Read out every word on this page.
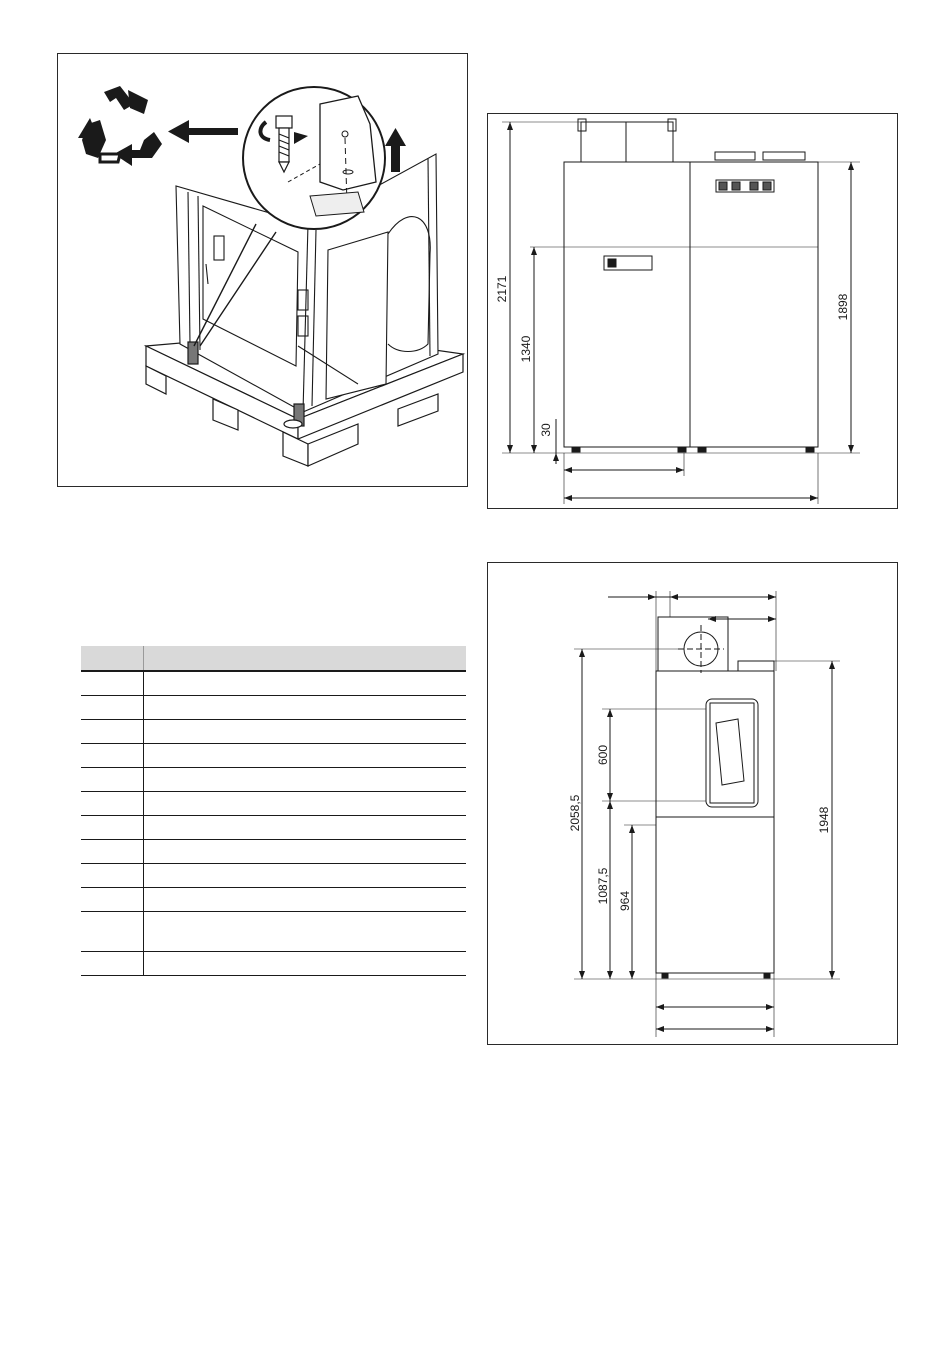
2171
1340
30
1898

2058,5
1087,5 964
600
1948
